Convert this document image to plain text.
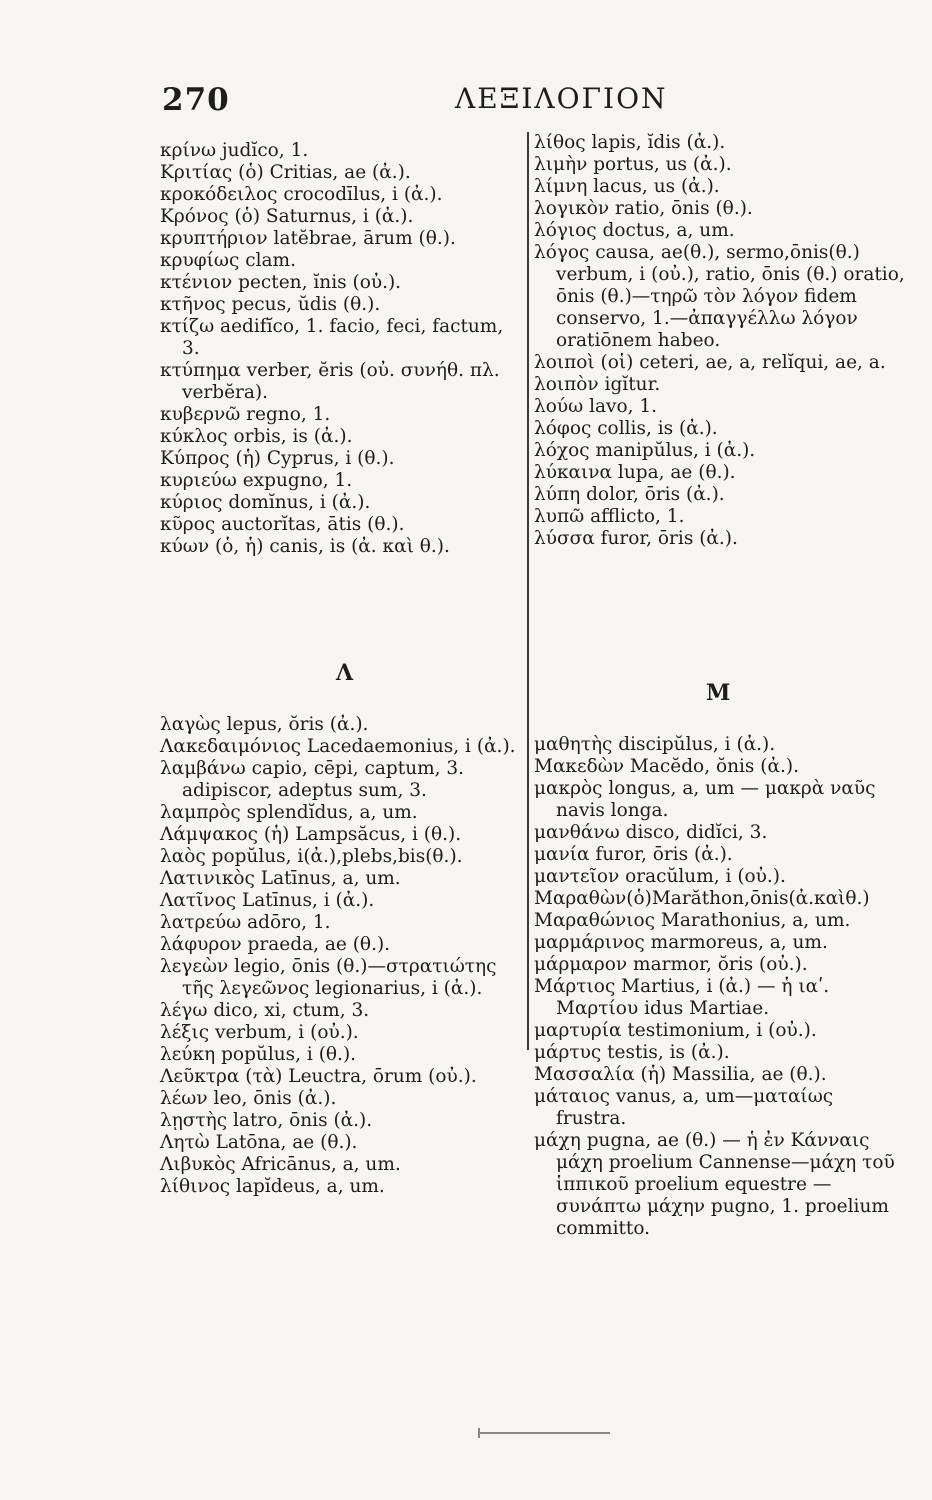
270	ΛΕΞΙΛΟΓΙΟΝ

κρίνω judĭco, 1.

Κριτίας (ὁ) Critias, ae (ἀ.).

κροκόδειλος crocodīlus, i (ἀ.).

Κρόνος (ὁ) Saturnus, i (ἀ.).

κρυπτήριον latĕbrae, ārum (θ.).

κρυφίως clam.

κτένιον pecten, ĭnis (οὐ.).

κτῆνος pecus, ŭdis (θ.).

κτίζω aedifĭco, 1. facio, feci, factum, 3.

κτύπημα verber, ĕris (οὐ. συνήθ. πλ. verbĕra).

κυβερνῶ regno, 1.

κύκλος orbis, is (ἀ.).

Κύπρος (ἡ) Cyprus, i (θ.).

κυριεύω expugno, 1.

κύριος domĭnus, i (ἀ.).

κῦρος auctorĭtas, ātis (θ.).

κύων (ὁ, ἡ) canis, is (ἀ. καὶ θ.).

λίθος lapis, ĭdis (ἀ.).

λιμὴν portus, us (ἀ.).

λίμνη lacus, us (ἀ.).

λογικὸν ratio, ōnis (θ.).

λόγιος doctus, a, um.

λόγος causa, ae(θ.), sermo,ōnis(θ.) verbum, i (οὐ.), ratio, ōnis (θ.) oratio, ōnis (θ.)—τηρῶ τὸν λόγον fidem conservo, 1.—ἀπαγγέλλω λόγον oratiōnem habeo.

λοιποὶ (οἱ) ceteri, ae, a, relĭqui, ae, a.

λοιπὸν igĭtur.

λούω lavo, 1.

λόφος collis, is (ἀ.).

λόχος manipŭlus, i (ἀ.).

λύκαινα lupa, ae (θ.).

λύπη dolor, ōris (ἀ.).

λυπῶ afflicto, 1.

λύσσα furor, ōris (ἀ.).

Λ
Μ

λαγὼς lepus, ŏris (ἀ.).

Λακεδαιμόνιος Lacedaemonius, i (ἀ.).

λαμβάνω capio, cēpi, captum, 3. adipiscor, adeptus sum, 3.

λαμπρὸς splendĭdus, a, um.

Λάμψακος (ἡ) Lampsăcus, i (θ.).

λαὸς popŭlus, i(ἀ.),plebs,bis(θ.).

Λατινικὸς Latīnus, a, um.

Λατῖνος Latīnus, i (ἀ.).

λατρεύω adōro, 1.

λάφυρον praeda, ae (θ.).

λεγεὼν legio, ōnis (θ.)—στρατιώτης τῆς λεγεῶνος legionarius, i (ἀ.).

λέγω dico, xi, ctum, 3.

λέξις verbum, i (οὐ.).

λεύκη popŭlus, i (θ.).

Λεῦκτρα (τὰ) Leuctra, ōrum (οὐ.).

λέων leo, ōnis (ἀ.).

λῃστὴς latro, ōnis (ἀ.).

Λητὼ Latōna, ae (θ.).

Λιβυκὸς Africānus, a, um.

λίθινος lapĭdeus, a, um.

μαθητὴς discipŭlus, i (ἀ.).

Μακεδὼν Macĕdo, ŏnis (ἀ.).

μακρὸς longus, a, um — μακρὰ ναῦς navis longa.

μανθάνω disco, didĭci, 3.

μανία furor, ōris (ἀ.).

μαντεῖον oracŭlum, i (οὐ.).

Μαραθὼν(ὁ)Marăthon,ōnis(ἀ.καὶθ.)

Μαραθώνιος Marathonius, a, um.

μαρμάρινος marmoreus, a, um.

μάρμαρον marmor, ŏris (οὐ.).

Μάρτιος Martius, i (ἀ.) — ἡ ιαʹ. Μαρτίου idus Martiae.

μαρτυρία testimonium, i (οὐ.).

μάρτυς testis, is (ἀ.).

Μασσαλία (ἡ) Massilia, ae (θ.).

μάταιος vanus, a, um—ματαίως frustra.

μάχη pugna, ae (θ.) — ἡ ἐν Κάνναις μάχη proelium Cannense—μάχη τοῦ ἱππικοῦ proelium equestre — συνάπτω μάχην pugno, 1. proelium committo.
